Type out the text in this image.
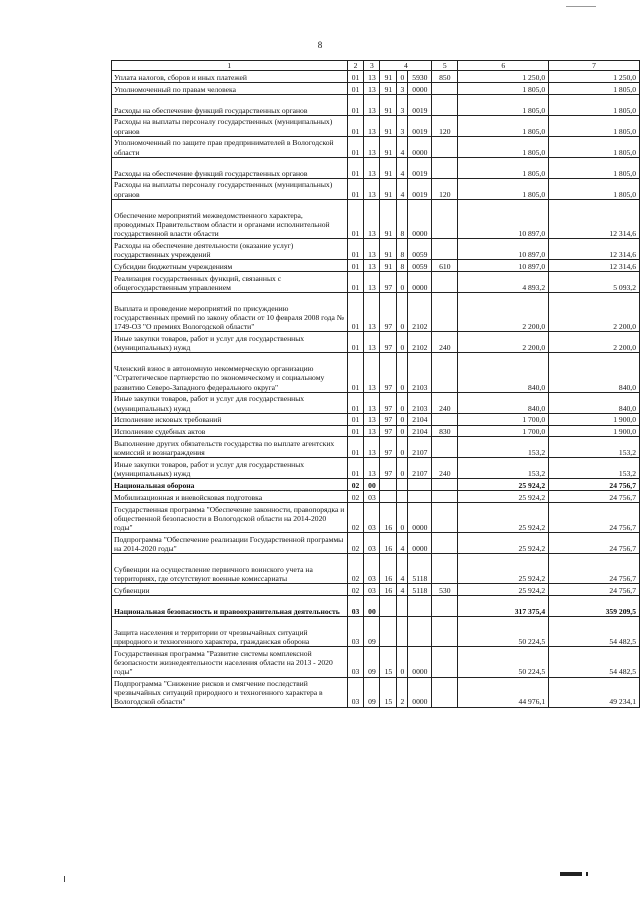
8
1	2	3	4			5	6	7
Уплата налогов, сборов и иных платежей	01	13	91	0	5930	850	1 250,0	1 250,0
Уполномоченный по правам человека	01	13	91	3	0000		1 805,0	1 805,0
Расходы на обеспечение функций государственных органов	01	13	91	3	0019		1 805,0	1 805,0
Расходы на выплаты персоналу государственных (муниципальных) органов	01	13	91	3	0019	120	1 805,0	1 805,0
Уполномоченный по защите прав предпринимателей в Вологодской области	01	13	91	4	0000		1 805,0	1 805,0
Расходы на обеспечение функций государственных органов	01	13	91	4	0019		1 805,0	1 805,0
Расходы на выплаты персоналу государственных (муниципальных) органов	01	13	91	4	0019	120	1 805,0	1 805,0
Обеспечение мероприятий межведомственного характера, проводимых Правительством области и органами исполнительной государственной власти области	01	13	91	8	0000		10 897,0	12 314,6
Расходы на обеспечение деятельности (оказание услуг) государственных учреждений	01	13	91	8	0059		10 897,0	12 314,6
Субсидии бюджетным учреждениям	01	13	91	8	0059	610	10 897,0	12 314,6
Реализация государственных функций, связанных с общегосударственным управлением	01	13	97	0	0000		4 893,2	5 093,2
Выплата и проведение мероприятий по присуждению государственных премий по закону области от 10 февраля 2008 года № 1749-ОЗ "О премиях Вологодской области"	01	13	97	0	2102		2 200,0	2 200,0
Иные закупки товаров, работ и услуг для государственных (муниципальных) нужд	01	13	97	0	2102	240	2 200,0	2 200,0
Членский взнос в автономную некоммерческую организацию "Стратегическое партнерство по экономическому и социальному развитию Северо-Западного федерального округа"	01	13	97	0	2103		840,0	840,0
Иные закупки товаров, работ и услуг для государственных (муниципальных) нужд	01	13	97	0	2103	240	840,0	840,0
Исполнение исковых требований	01	13	97	0	2104		1 700,0	1 900,0
Исполнение судебных актов	01	13	97	0	2104	830	1 700,0	1 900,0
Выполнение других обязательств государства по выплате агентских комиссий и вознаграждения	01	13	97	0	2107		153,2	153,2
Иные закупки товаров, работ и услуг для государственных (муниципальных) нужд	01	13	97	0	2107	240	153,2	153,2
Национальная оборона	02	00					25 924,2	24 756,7
Мобилизационная и вневойсковая подготовка	02	03					25 924,2	24 756,7
Государственная программа "Обеспечение законности, правопорядка и общественной безопасности в Вологодской области на 2014-2020 годы"	02	03	16	0	0000		25 924,2	24 756,7
Подпрограмма "Обеспечение реализации Государственной программы на 2014-2020 годы"	02	03	16	4	0000		25 924,2	24 756,7
Субвенции на осуществление первичного воинского учета на территориях, где отсутствуют военные комиссариаты	02	03	16	4	5118		25 924,2	24 756,7
Субвенции	02	03	16	4	5118	530	25 924,2	24 756,7
Национальная безопасность и правоохранительная деятельность	03	00					317 375,4	359 209,5
Защита населения и территории от чрезвычайных ситуаций природного и техногенного характера, гражданская оборона	03	09					50 224,5	54 482,5
Государственная программа "Развитие системы комплексной безопасности жизнедеятельности населения области на 2013 - 2020 годы"	03	09	15	0	0000		50 224,5	54 482,5
Подпрограмма "Снижение рисков и смягчение последствий чрезвычайных ситуаций природного и техногенного характера в Вологодской области"	03	09	15	2	0000		44 976,1	49 234,1
